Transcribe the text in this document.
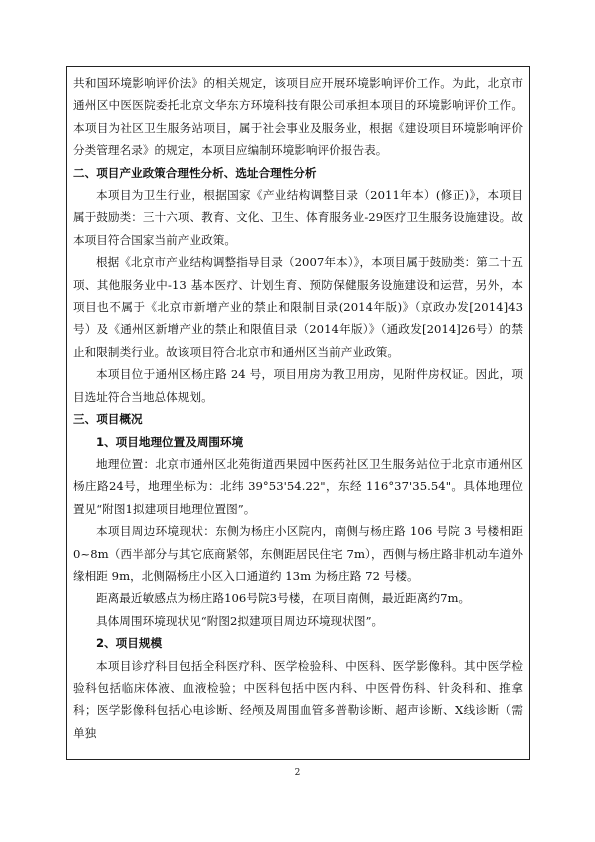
共和国环境影响评价法》的相关规定，该项目应开展环境影响评价工作。为此，北京市通州区中医医院委托北京文华东方环境科技有限公司承担本项目的环境影响评价工作。本项目为社区卫生服务站项目，属于社会事业及服务业，根据《建设项目环境影响评价分类管理名录》的规定，本项目应编制环境影响评价报告表。

二、项目产业政策合理性分析、选址合理性分析

本项目为卫生行业，根据国家《产业结构调整目录（2011年本）(修正)》，本项目属于鼓励类：三十六项、教育、文化、卫生、体育服务业-29医疗卫生服务设施建设。故本项目符合国家当前产业政策。

根据《北京市产业结构调整指导目录（2007年本）》，本项目属于鼓励类：第二十五项、其他服务业中-13 基本医疗、计划生育、预防保健服务设施建设和运营，另外，本项目也不属于《北京市新增产业的禁止和限制目录(2014年版)》（京政办发[2014]43号）及《通州区新增产业的禁止和限值目录（2014年版）》（通政发[2014]26号）的禁止和限制类行业。故该项目符合北京市和通州区当前产业政策。

本项目位于通州区杨庄路 24 号，项目用房为教卫用房，见附件房权证。因此，项目选址符合当地总体规划。

三、项目概况

1、项目地理位置及周围环境

地理位置：北京市通州区北苑街道西果园中医药社区卫生服务站位于北京市通州区杨庄路24号，地理坐标为：北纬 39°53'54.22"，东经 116°37'35.54"。具体地理位置见“附图1拟建项目地理位置图”。

本项目周边环境现状：东侧为杨庄小区院内，南侧与杨庄路 106 号院 3 号楼相距 0~8m（西半部分与其它底商紧邻，东侧距居民住宅 7m），西侧与杨庄路非机动车道外缘相距 9m，北侧隔杨庄小区入口通道约 13m 为杨庄路 72 号楼。

距离最近敏感点为杨庄路106号院3号楼，在项目南侧，最近距离约7m。

具体周围环境现状见“附图2拟建项目周边环境现状图”。

2、项目规模

本项目诊疗科目包括全科医疗科、医学检验科、中医科、医学影像科。其中医学检验科包括临床体液、血液检验；中医科包括中医内科、中医骨伤科、针灸科和、推拿科；医学影像科包括心电诊断、经颅及周围血管多普勒诊断、超声诊断、X线诊断（需单独

2
